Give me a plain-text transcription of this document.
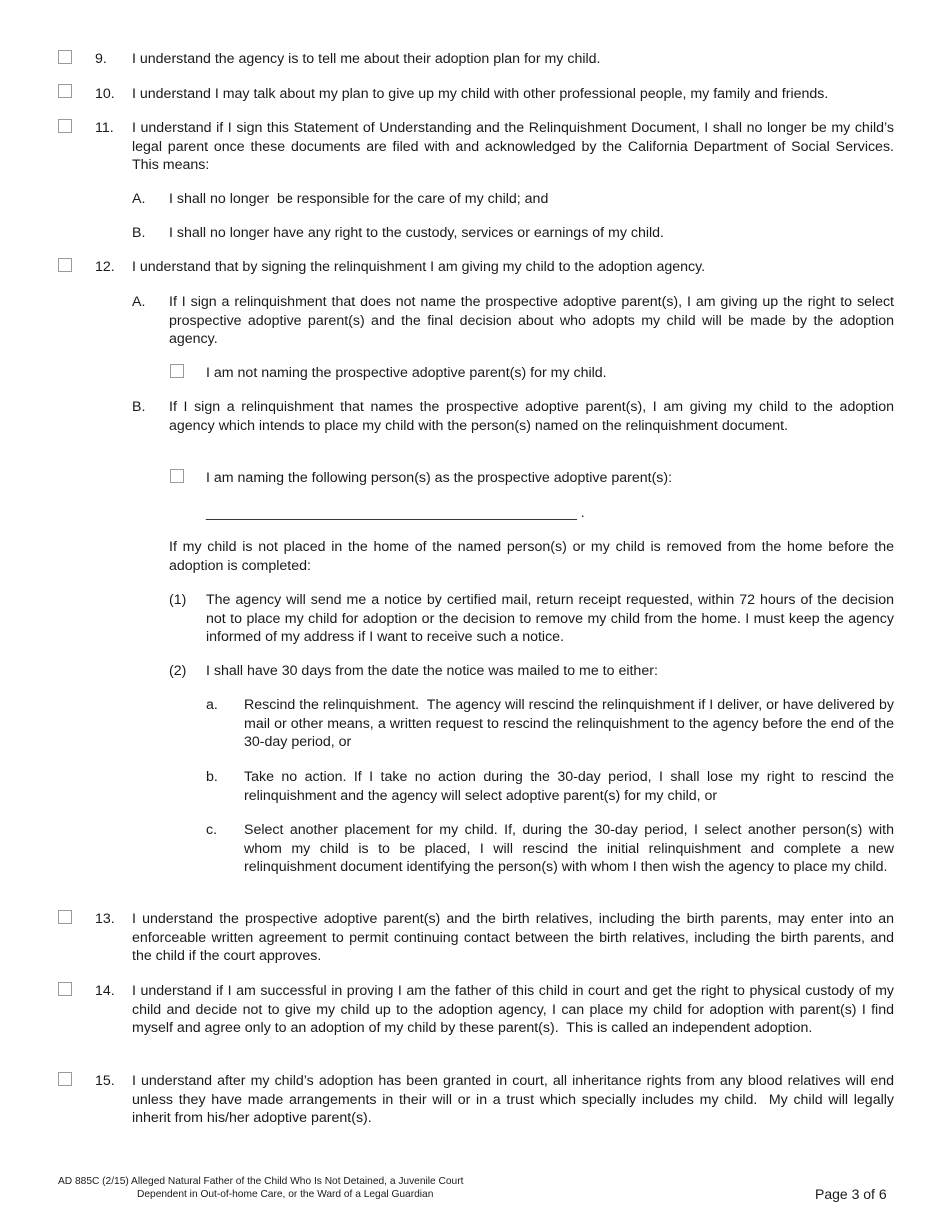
9. I understand the agency is to tell me about their adoption plan for my child.
10. I understand I may talk about my plan to give up my child with other professional people, my family and friends.
11. I understand if I sign this Statement of Understanding and the Relinquishment Document, I shall no longer be my child’s legal parent once these documents are filed with and acknowledged by the California Department of Social Services. This means:
A. I shall no longer  be responsible for the care of my child; and
B. I shall no longer have any right to the custody, services or earnings of my child.
12. I understand that by signing the relinquishment I am giving my child to the adoption agency.
A. If I sign a relinquishment that does not name the prospective adoptive parent(s), I am giving up the right to select prospective adoptive parent(s) and the final decision about who adopts my child will be made by the adoption agency.
I am not naming the prospective adoptive parent(s) for my child.
B. If I sign a relinquishment that names the prospective adoptive parent(s), I am giving my child to the adoption agency which intends to place my child with the person(s) named on the relinquishment document.
I am naming the following person(s) as the prospective adoptive parent(s):
_______________________________________________ .
If my child is not placed in the home of the named person(s) or my child is removed from the home before the adoption is completed:
(1) The agency will send me a notice by certified mail, return receipt requested, within 72 hours of the decision not to place my child for adoption or the decision to remove my child from the home. I must keep the agency informed of my address if I want to receive such a notice.
(2) I shall have 30 days from the date the notice was mailed to me to either:
a. Rescind the relinquishment.  The agency will rescind the relinquishment if I deliver, or have delivered by mail or other means, a written request to rescind the relinquishment to the agency before the end of the 30-day period, or
b. Take no action. If I take no action during the 30-day period, I shall lose my right to rescind the relinquishment and the agency will select adoptive parent(s) for my child, or
c. Select another placement for my child. If, during the 30-day period, I select another person(s) with whom my child is to be placed, I will rescind the initial relinquishment and complete a new relinquishment document identifying the person(s) with whom I then wish the agency to place my child.
13. I understand the prospective adoptive parent(s) and the birth relatives, including the birth parents, may enter into an enforceable written agreement to permit continuing contact between the birth relatives, including the birth parents, and the child if the court approves.
14. I understand if I am successful in proving I am the father of this child in court and get the right to physical custody of my child and decide not to give my child up to the adoption agency, I can place my child for adoption with parent(s) I find myself and agree only to an adoption of my child by these parent(s).  This is called an independent adoption.
15. I understand after my child’s adoption has been granted in court, all inheritance rights from any blood relatives will end unless they have made arrangements in their will or in a trust which specially includes my child.  My child will legally inherit from his/her adoptive parent(s).
AD 885C (2/15) Alleged Natural Father of the Child Who Is Not Detained, a Juvenile Court
Dependent in Out-of-home Care, or the Ward of a Legal Guardian	Page 3 of 6
